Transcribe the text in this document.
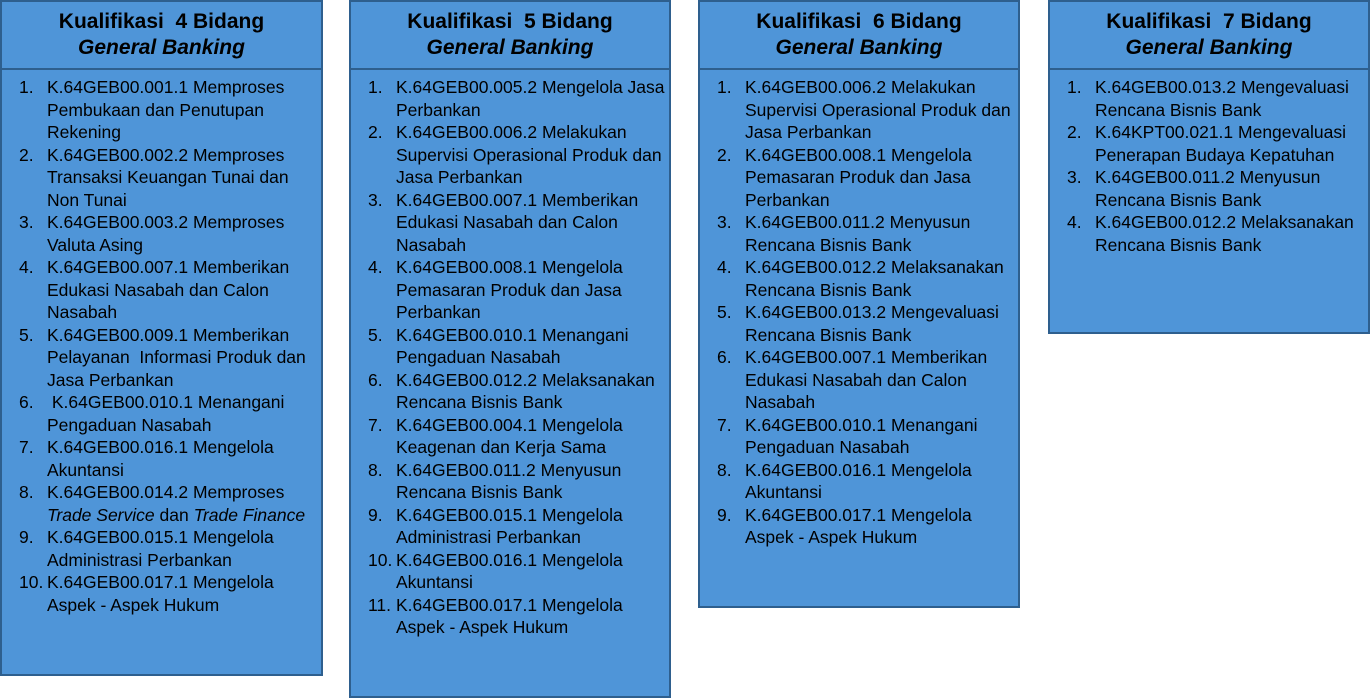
Kualifikasi  4 Bidang
General Banking
1. K.64GEB00.001.1 Memproses Pembukaan dan Penutupan Rekening
2. K.64GEB00.002.2 Memproses Transaksi Keuangan Tunai dan Non Tunai
3. K.64GEB00.003.2 Memproses Valuta Asing
4. K.64GEB00.007.1 Memberikan Edukasi Nasabah dan Calon Nasabah
5. K.64GEB00.009.1 Memberikan Pelayanan  Informasi Produk dan Jasa Perbankan
6. K.64GEB00.010.1 Menangani Pengaduan Nasabah
7. K.64GEB00.016.1 Mengelola Akuntansi
8. K.64GEB00.014.2 Memproses Trade Service dan Trade Finance
9. K.64GEB00.015.1 Mengelola Administrasi Perbankan
10. K.64GEB00.017.1 Mengelola Aspek - Aspek Hukum
Kualifikasi  5 Bidang
General Banking
1. K.64GEB00.005.2 Mengelola Jasa Perbankan
2. K.64GEB00.006.2 Melakukan Supervisi Operasional Produk dan Jasa Perbankan
3. K.64GEB00.007.1 Memberikan Edukasi Nasabah dan Calon Nasabah
4. K.64GEB00.008.1 Mengelola Pemasaran Produk dan Jasa Perbankan
5. K.64GEB00.010.1 Menangani Pengaduan Nasabah
6. K.64GEB00.012.2 Melaksanakan  Rencana Bisnis Bank
7. K.64GEB00.004.1 Mengelola Keagenan dan Kerja Sama
8. K.64GEB00.011.2 Menyusun Rencana Bisnis Bank
9. K.64GEB00.015.1 Mengelola Administrasi Perbankan
10. K.64GEB00.016.1 Mengelola Akuntansi
11. K.64GEB00.017.1 Mengelola Aspek - Aspek Hukum
Kualifikasi  6 Bidang
General Banking
1. K.64GEB00.006.2 Melakukan Supervisi Operasional Produk dan Jasa Perbankan
2. K.64GEB00.008.1 Mengelola Pemasaran Produk dan Jasa Perbankan
3. K.64GEB00.011.2 Menyusun Rencana Bisnis Bank
4. K.64GEB00.012.2 Melaksanakan  Rencana Bisnis Bank
5. K.64GEB00.013.2 Mengevaluasi Rencana Bisnis Bank
6. K.64GEB00.007.1 Memberikan Edukasi Nasabah dan Calon Nasabah
7. K.64GEB00.010.1 Menangani Pengaduan Nasabah
8. K.64GEB00.016.1 Mengelola Akuntansi
9. K.64GEB00.017.1 Mengelola Aspek - Aspek Hukum
Kualifikasi  7 Bidang
General Banking
1. K.64GEB00.013.2 Mengevaluasi Rencana Bisnis Bank
2. K.64KPT00.021.1 Mengevaluasi Penerapan Budaya Kepatuhan
3. K.64GEB00.011.2 Menyusun Rencana Bisnis Bank
4. K.64GEB00.012.2 Melaksanakan  Rencana Bisnis Bank
